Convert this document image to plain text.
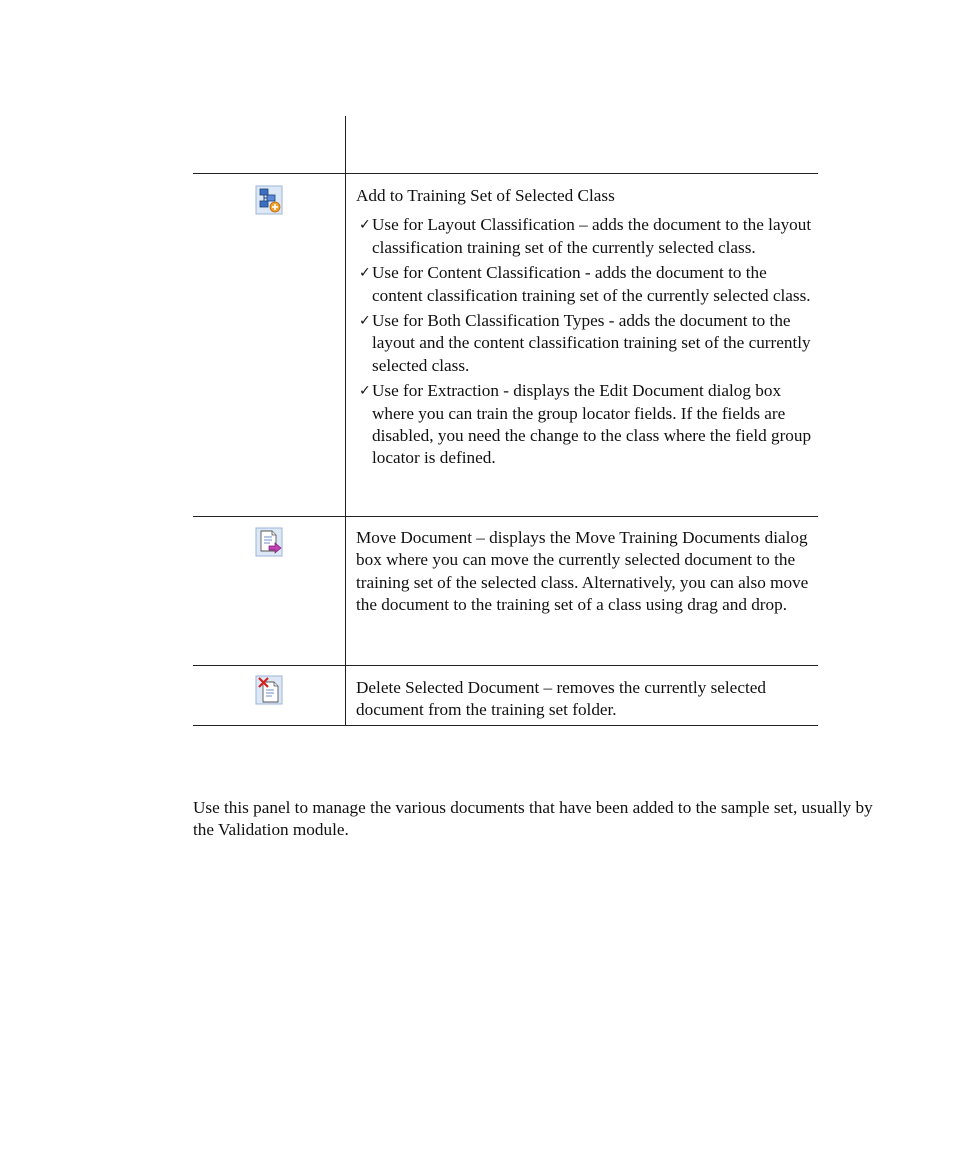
Add to Training Set of Selected Class

✓ Use for Layout Classification – adds the document to the layout classification training set of the currently selected class.
✓ Use for Content Classification - adds the document to the content classification training set of the currently selected class.
✓ Use for Both Classification Types - adds the document to the layout and the content classification training set of the currently selected class.
✓ Use for Extraction - displays the Edit Document dialog box where you can train the group locator fields. If the fields are disabled, you need the change to the class where the field group locator is defined.

Move Document – displays the Move Training Documents dialog box where you can move the currently selected document to the training set of the selected class. Alternatively, you can also move the document to the training set of a class using drag and drop.

Delete Selected Document – removes the currently selected document from the training set folder.

Use this panel to manage the various documents that have been added to the sample set, usually by the Validation module.
